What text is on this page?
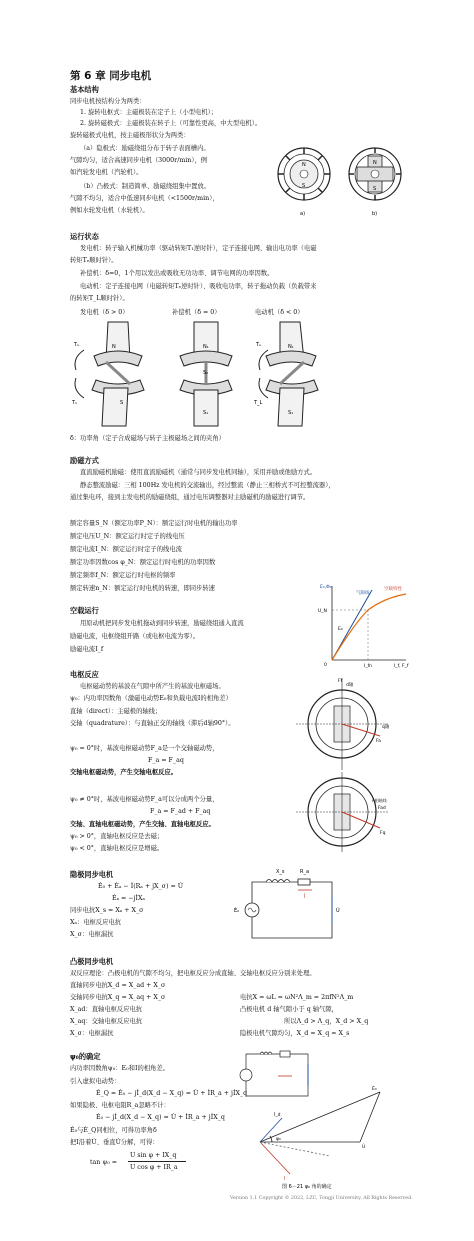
第 6 章 同步电机
基本结构
同步电机按结构分为两类：
1. 旋转电枢式：主磁极装在定子上（小型电机）；
2. 旋转磁极式：主磁极装在转子上（可靠性更高，中大型电机）。
旋转磁极式电机，按主磁极形状分为两类：
（a）隐极式：励磁绕组分布于转子表面槽内。
气隙均匀，适合高速同步电机（3000r/min），例
如汽轮发电机（汽轮机）。
（b）凸极式：制造简单、励磁绕组集中置放。
气隙不均匀，适合中低速同步电机（<1500r/min），
例如水轮发电机（水轮机）。
N
S
a)
N
S
b)
运行状态
发电机：转子输入机械功率（驱动转矩T₁逆时针），定子连接电网、输出电功率（电磁
转矩Tₑ顺时针）。
补偿机：δ=0，1个用以发出或吸收无功功率、调节电网的功率因数。
电动机：定子连接电网（电磁转矩Tₑ逆时针）、吸收电功率，转子拖动负载（负载带来
的转矩T_L顺时针）。
发电机（δ > 0）	补偿机（δ = 0）	电动机（δ < 0）
Tₑ
T₁
N
S
N₁
S₂
S₁
Tₑ
T_L
N₁
S₁
δ：功率角（定子合成磁场与转子主极磁场之间的夹角）
励磁方式
直流励磁机励磁：使用直流励磁机（通常与同步发电机同轴），采用并励或他励方式。
静态整流励磁：三相 100Hz 发电机的交流输出，经过整流（静止三相桥式不可控整流器），
通过集电环，接到主发电机的励磁绕组，通过电压调整器对主励磁机的励磁进行调节。
额定容量S_N（额定功率P_N）：额定运行时电机的输出功率
额定电压U_N：额定运行时定子的线电压
额定电流I_N：额定运行时定子的线电流
额定功率因数cos φ_N：额定运行时电机的功率因数
额定频率f_N：额定运行时电枢的频率
额定转速n_N：额定运行时电机的转速，即同步转速
空载运行
用原动机把同步发电机拖动到同步转速，励磁绕组通入直流
励磁电流，电枢绕组开路（或电枢电流为零）。
励磁电流I_f
E₀,Φ₀
气隙线
空载特性
U_N
E₀
0	I_fn	I_f, F_f
电枢反应
电枢磁动势的基波在气隙中所产生的基波电枢磁场。
ψ₀：内功率因数角（激磁电动势E₀和负载电流I的相角差）
直轴（direct）：主磁极的轴线；
交轴（quadrature）：与直轴正交的轴线（滞后d轴90°）。
ψ₀ = 0°时，基波电枢磁动势F_a是一个交轴磁动势，
F_a = F_aq
交轴电枢磁动势，产生交轴电枢反应。
ψ₀ ≠ 0°时，基波电枢磁动势F_a可以分成两个分量，
F_a = F_ad + F_aq
交轴、直轴电枢磁动势，产生交轴、直轴电枢反应。
ψ₀ > 0°，直轴电枢反应是去磁；
ψ₀ < 0°，直轴电枢反应是增磁。
Ff
d轴
Fa
q轴
Fad
Fq
A相轴线
隐极同步电机
Ė₀ + Ėₐ − İ(Rₐ + jX_σ) = U̇
Ėₐ = −jİXₐ
同步电抗X_s = Xₐ + X_σ
Xₐ：电枢反应电抗
X_σ：电枢漏抗
X_s	R_a
Ė₀	U̇
İ
凸极同步电机
双反应理论：凸极电机的气隙不均匀，把电枢反应分成直轴、交轴电枢反应分别来处理。
直轴同步电抗X_d = X_ad + X_σ
交轴同步电抗X_q = X_aq + X_σ
X_ad：直轴电枢反应电抗
X_aq：交轴电枢反应电抗
X_σ：电枢漏抗
电抗X = ωL = ωN²Λ_m = 2πfN²Λ_m
凸极电机 d 轴气隙小于 q 轴气隙，
所以Λ_d > Λ_q，X_d > X_q
隐极电机气隙均匀，X_d ≈ X_q ≈ X_s
ψ₀的确定
内功率因数角ψ₀：E₀和I的相角差。
引入虚拟电动势：
Ė_Q = Ė₀ − jİ_d(X_d − X_q) = U̇ + İR_a + jİX_q
如果隐极、电枢电阻R_a忽略不计：
Ė₀ − jİ_d(X_d − X_q) = U̇ + İR_a + jİX_q
Ė₀与Ė_Q同相位，可得功率角δ
把I沿着U̇、垂直U̇分解，可得：
tan ψ₀ =
U sin φ + IX_q
U cos φ + IR_a
Ė₀
U̇
İ
İ_d
ψ₀
图 6－21 ψ₀ 角的确定
Version 1.1 Copyright © 2022, LZC, Tongji University. All Rights Reserved.
